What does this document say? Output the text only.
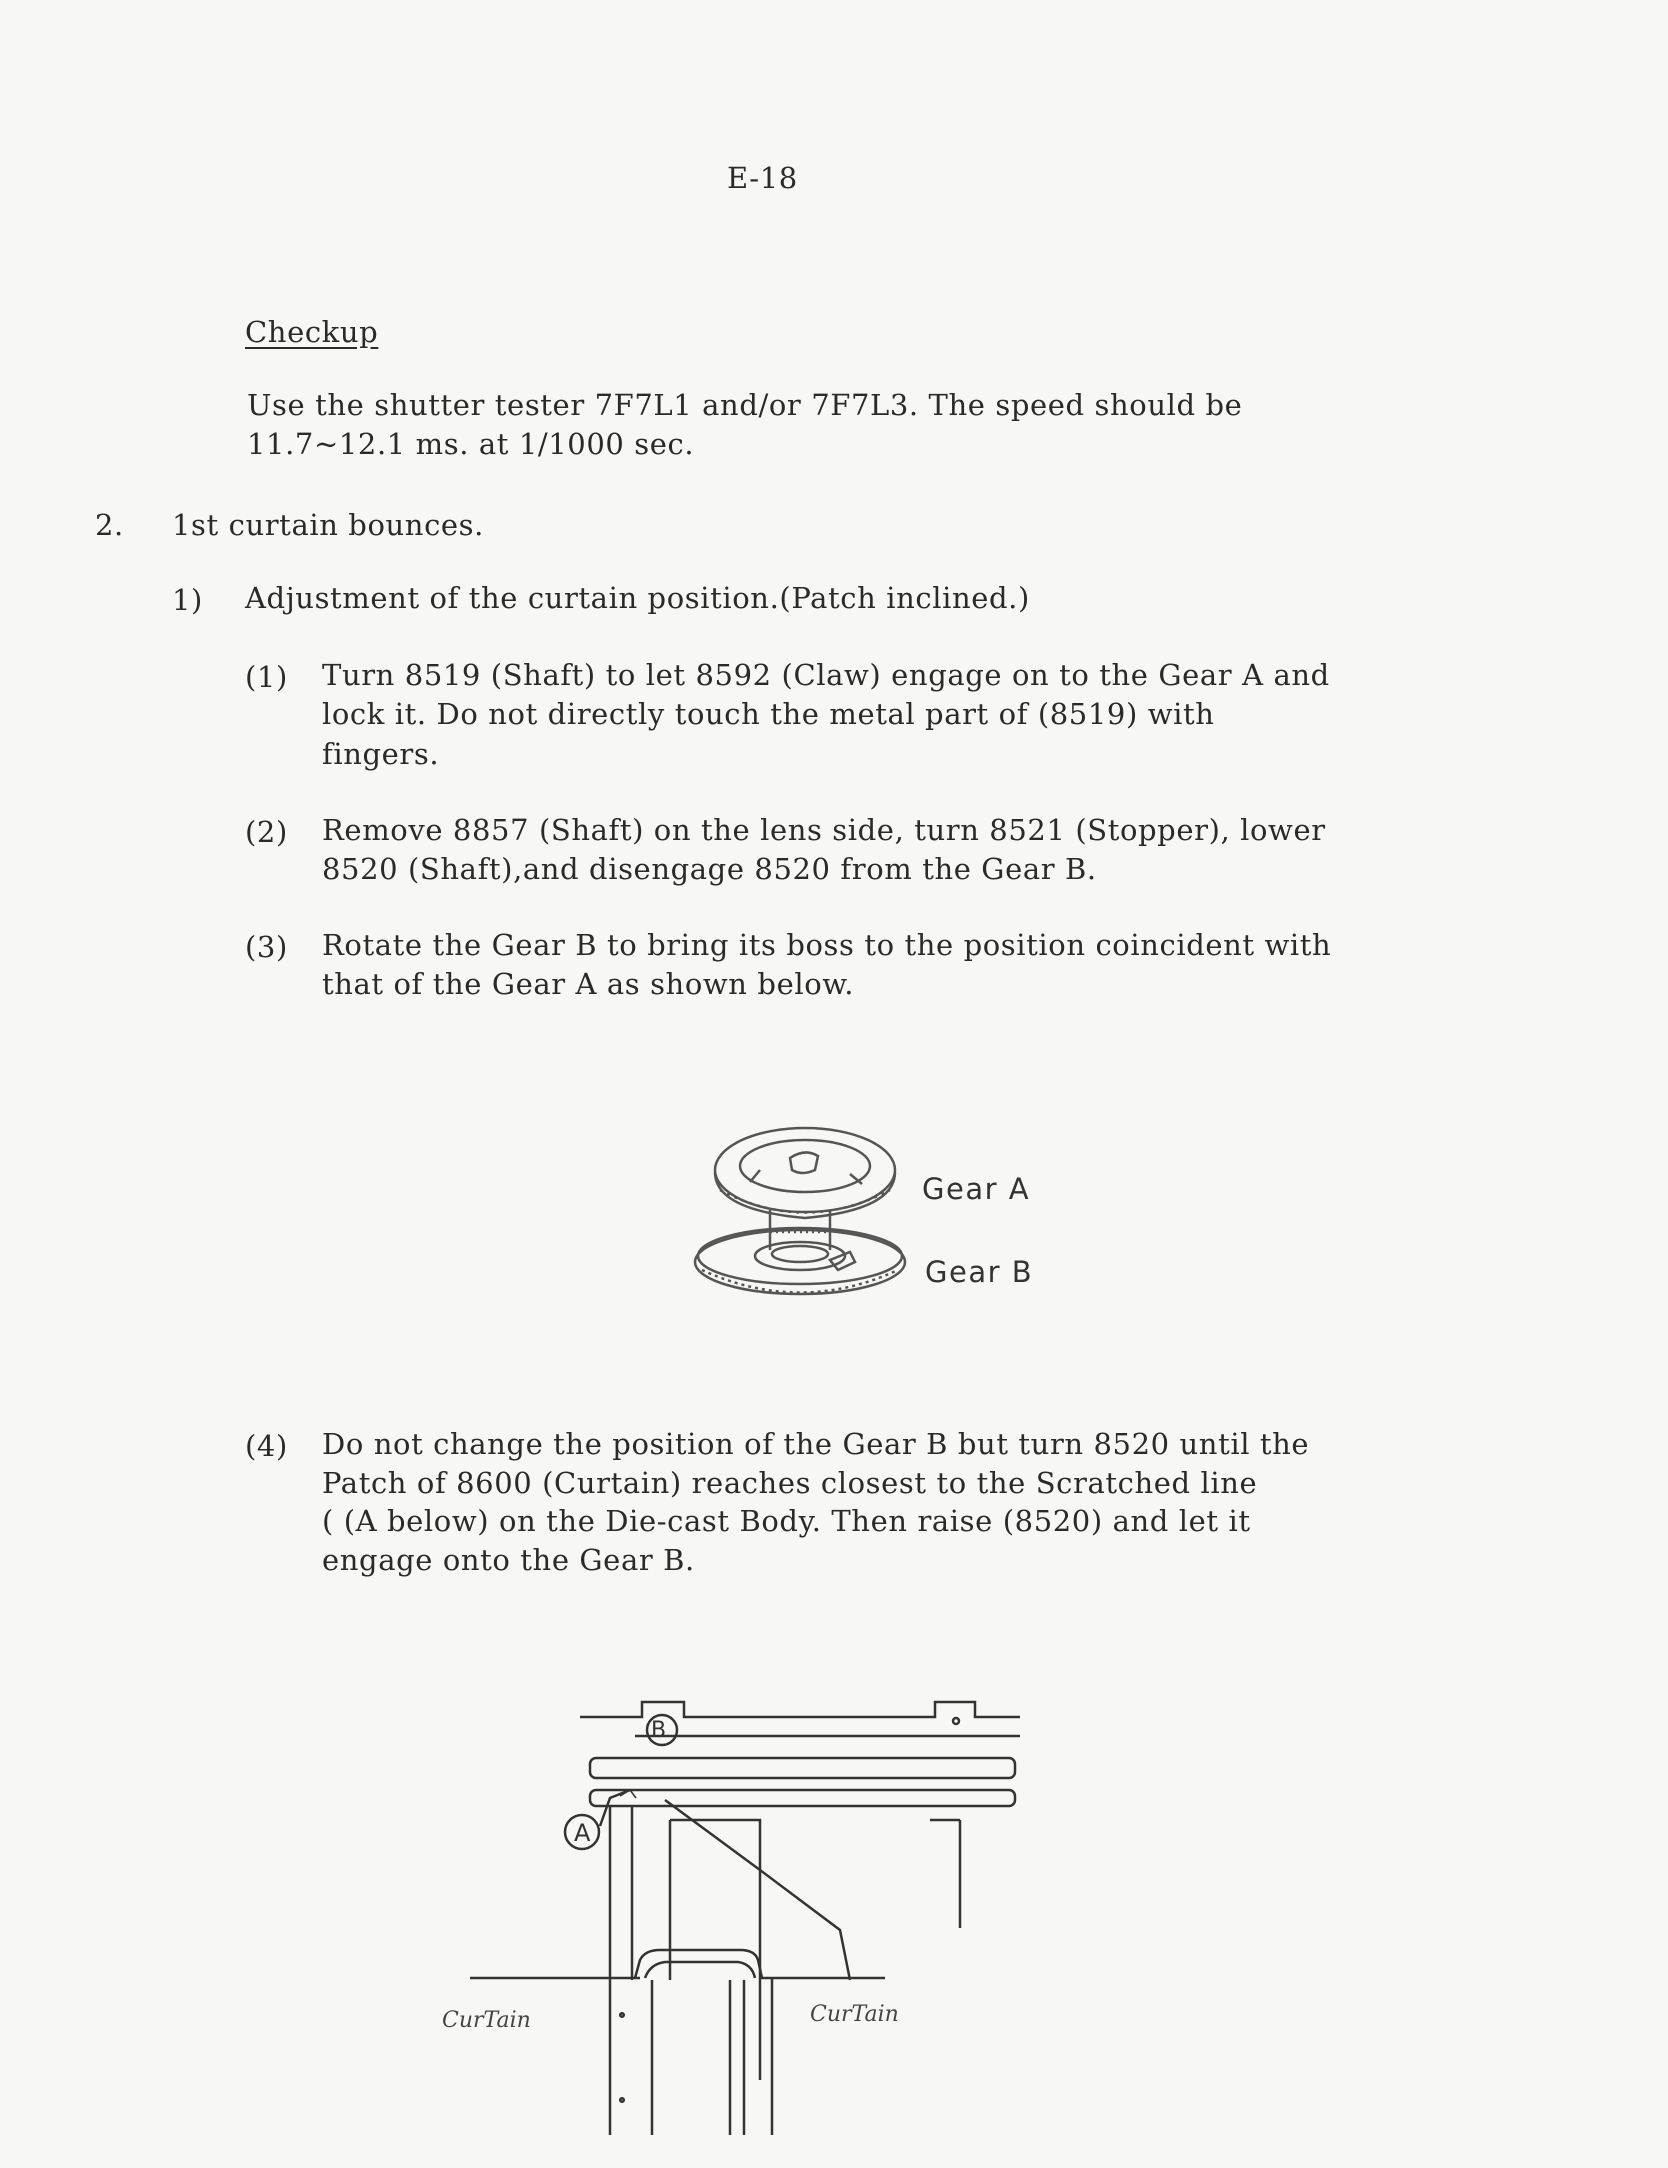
E-18
Checkup
Use the shutter tester 7F7L1 and/or 7F7L3. The speed should be
11.7∼12.1 ms. at 1/1000 sec.
2. 1st curtain bounces.
1) Adjustment of the curtain position.(Patch inclined.)
(1) Turn 8519 (Shaft) to let 8592 (Claw) engage on to the Gear A and
lock it. Do not directly touch the metal part of (8519) with
fingers.
(2) Remove 8857 (Shaft) on the lens side, turn 8521 (Stopper), lower
8520 (Shaft),and disengage 8520 from the Gear B.
(3) Rotate the Gear B to bring its boss to the position coincident with
that of the Gear A as shown below.
Gear A
Gear B
(4) Do not change the position of the Gear B but turn 8520 until the
Patch of 8600 (Curtain) reaches closest to the Scratched line
( (A below) on the Die-cast Body. Then raise (8520) and let it
engage onto the Gear B.
B
A
CurTain	CurTain
